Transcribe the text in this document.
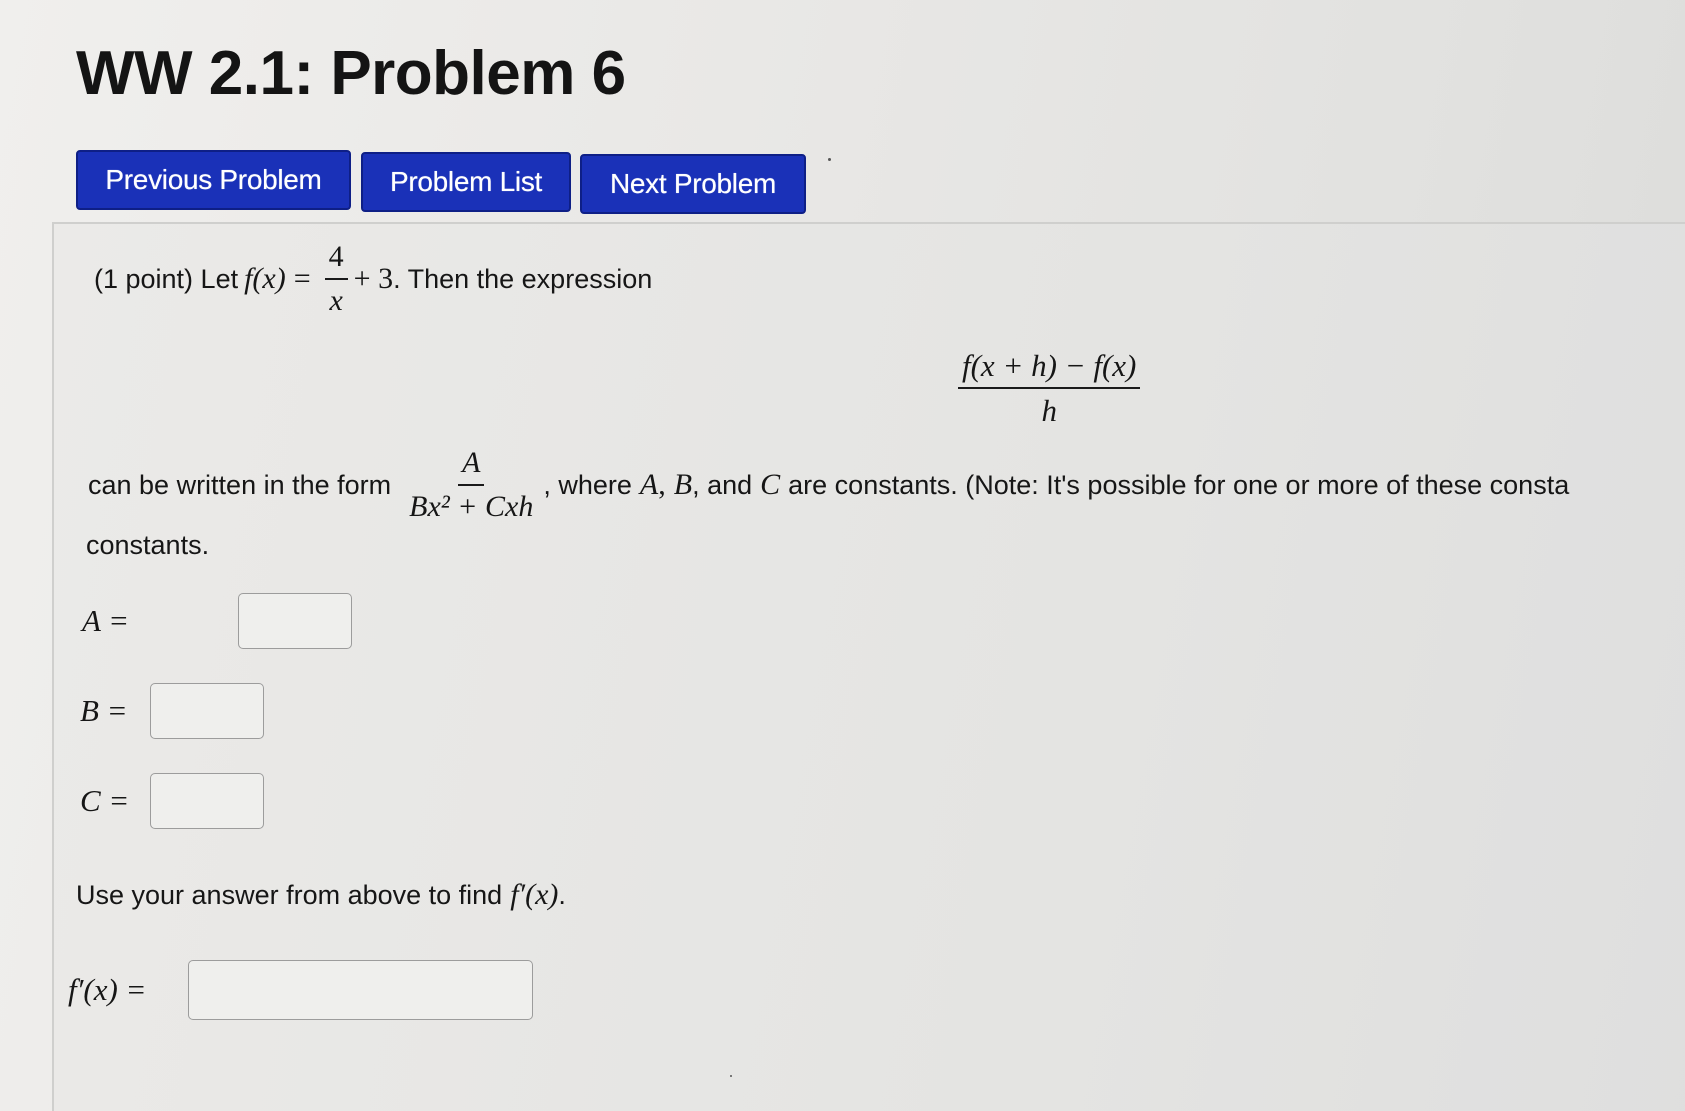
WW 2.1: Problem 6
Previous Problem	Problem List	Next Problem
(1 point) Let $f(x) = \frac{4}{x} + 3$ . Then the expression
$\frac{f(x + h) - f(x)}{h}$
can be written in the form $\frac{A}{\text{Bx² + Cxh}}$ , where A , B , and C are constants. (Note: It's possible for one or more of these consta
constants.
A =
B =
C =
Use your answer from above to find f′(x) .
f′(x) =
